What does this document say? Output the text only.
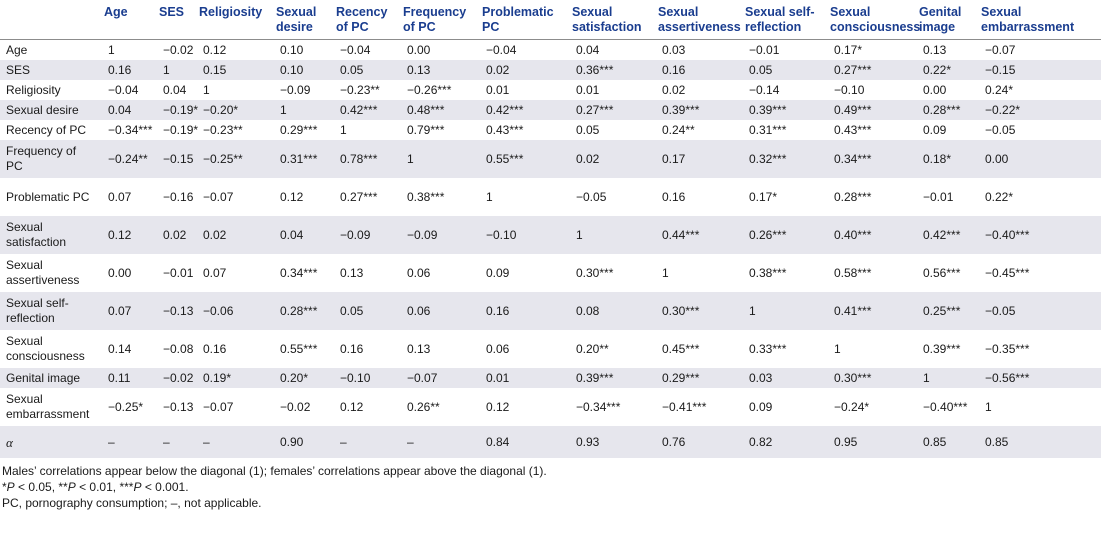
	Age	SES	Religiosity	Sexual desire	Recency of PC	Frequency of PC	Problematic PC	Sexual satisfaction	Sexual assertiveness	Sexual self-reflection	Sexual consciousness	Genital image	Sexual embarrassment
Age	1	−0.02	0.12	0.10	−0.04	0.00	−0.04	0.04	0.03	−0.01	0.17*	0.13	−0.07
SES	0.16	1	0.15	0.10	0.05	0.13	0.02	0.36***	0.16	0.05	0.27***	0.22*	−0.15
Religiosity	−0.04	0.04	1	−0.09	−0.23**	−0.26***	0.01	0.01	0.02	−0.14	−0.10	0.00	0.24*
Sexual desire	0.04	−0.19*	−0.20*	1	0.42***	0.48***	0.42***	0.27***	0.39***	0.39***	0.49***	0.28***	−0.22*
Recency of PC	−0.34***	−0.19*	−0.23**	0.29***	1	0.79***	0.43***	0.05	0.24**	0.31***	0.43***	0.09	−0.05
Frequency of PC	−0.24**	−0.15	−0.25**	0.31***	0.78***	1	0.55***	0.02	0.17	0.32***	0.34***	0.18*	0.00
Problematic PC	0.07	−0.16	−0.07	0.12	0.27***	0.38***	1	−0.05	0.16	0.17*	0.28***	−0.01	0.22*
Sexual satisfaction	0.12	0.02	0.02	0.04	−0.09	−0.09	−0.10	1	0.44***	0.26***	0.40***	0.42***	−0.40***
Sexual assertiveness	0.00	−0.01	0.07	0.34***	0.13	0.06	0.09	0.30***	1	0.38***	0.58***	0.56***	−0.45***
Sexual self-reflection	0.07	−0.13	−0.06	0.28***	0.05	0.06	0.16	0.08	0.30***	1	0.41***	0.25***	−0.05
Sexual consciousness	0.14	−0.08	0.16	0.55***	0.16	0.13	0.06	0.20**	0.45***	0.33***	1	0.39***	−0.35***
Genital image	0.11	−0.02	0.19*	0.20*	−0.10	−0.07	0.01	0.39***	0.29***	0.03	0.30***	1	−0.56***
Sexual embarrassment	−0.25*	−0.13	−0.07	−0.02	0.12	0.26**	0.12	−0.34***	−0.41***	0.09	−0.24*	−0.40***	1
α	–	–	–	0.90	–	–	0.84	0.93	0.76	0.82	0.95	0.85	0.85

Males’ correlations appear below the diagonal (1); females’ correlations appear above the diagonal (1).

*P < 0.05, **P < 0.01, ***P < 0.001.

PC, pornography consumption; –, not applicable.
